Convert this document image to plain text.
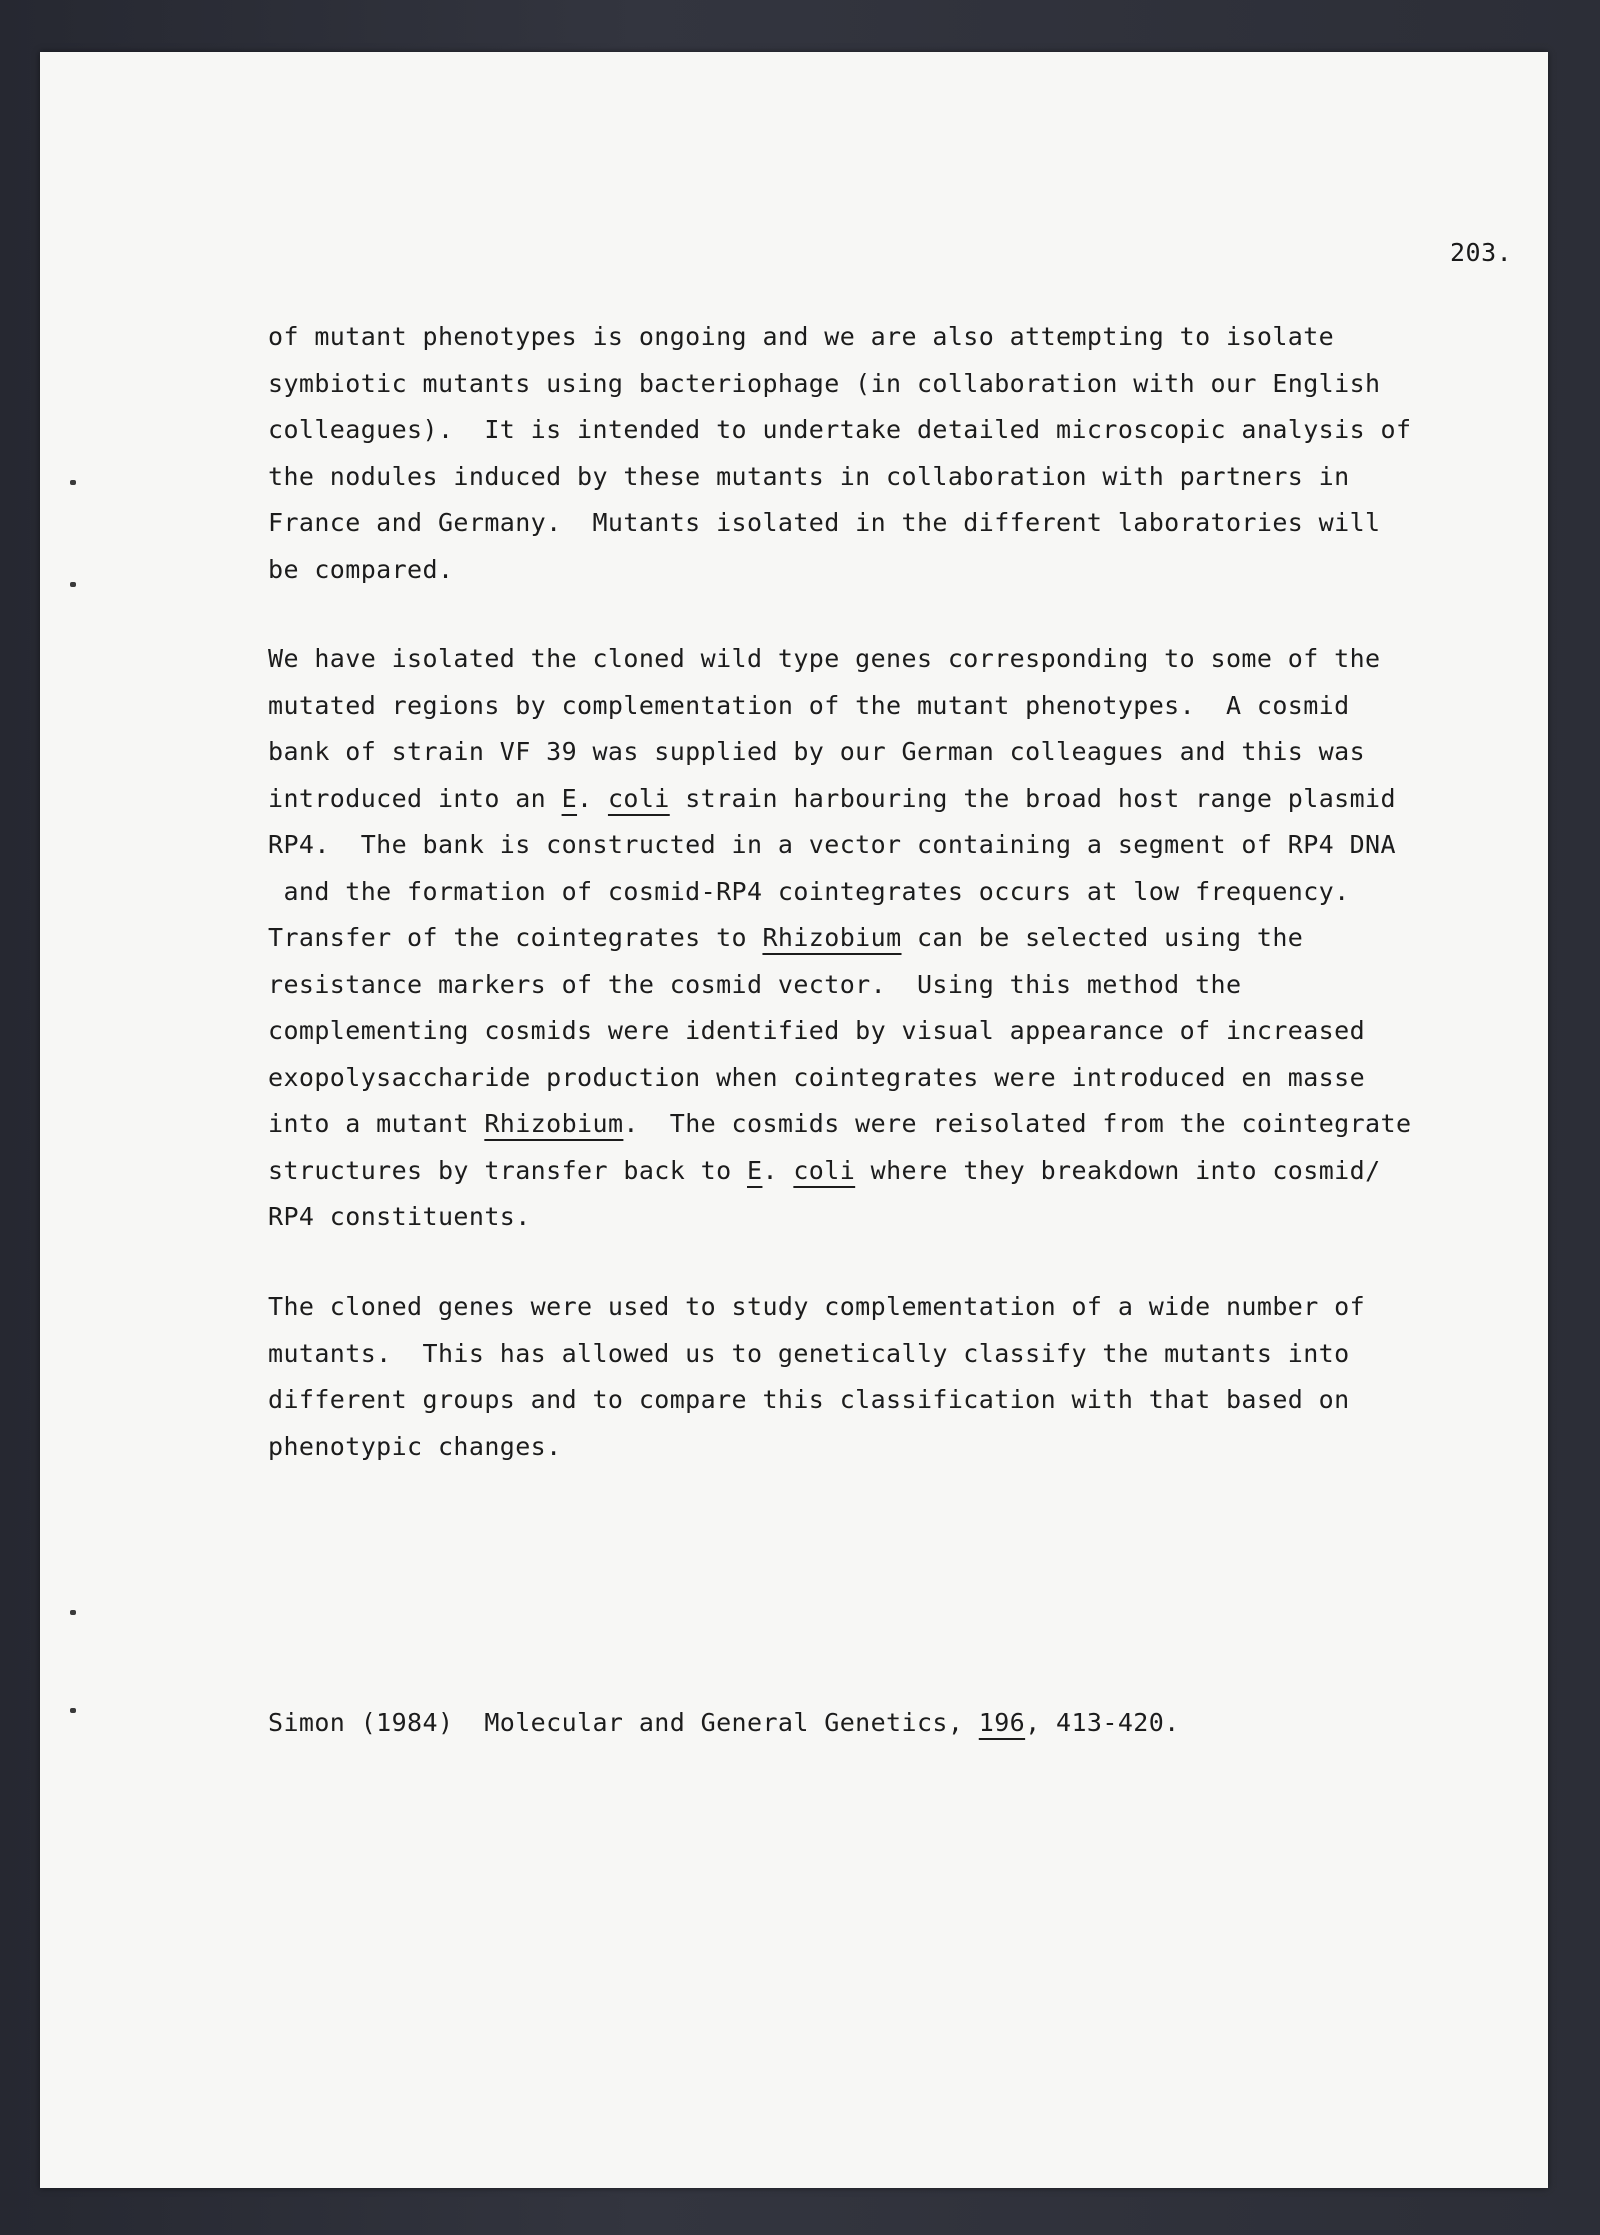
203.
of mutant phenotypes is ongoing and we are also attempting to isolate
symbiotic mutants using bacteriophage (in collaboration with our English
colleagues).  It is intended to undertake detailed microscopic analysis of
the nodules induced by these mutants in collaboration with partners in
France and Germany.  Mutants isolated in the different laboratories will
be compared.
We have isolated the cloned wild type genes corresponding to some of the
mutated regions by complementation of the mutant phenotypes.  A cosmid
bank of strain VF 39 was supplied by our German colleagues and this was
introduced into an E. coli strain harbouring the broad host range plasmid
RP4.  The bank is constructed in a vector containing a segment of RP4 DNA
and the formation of cosmid-RP4 cointegrates occurs at low frequency.
Transfer of the cointegrates to Rhizobium can be selected using the
resistance markers of the cosmid vector.  Using this method the
complementing cosmids were identified by visual appearance of increased
exopolysaccharide production when cointegrates were introduced en masse
into a mutant Rhizobium.  The cosmids were reisolated from the cointegrate
structures by transfer back to E. coli where they breakdown into cosmid/
RP4 constituents.
The cloned genes were used to study complementation of a wide number of
mutants.  This has allowed us to genetically classify the mutants into
different groups and to compare this classification with that based on
phenotypic changes.
Simon (1984)  Molecular and General Genetics, 196, 413-420.
